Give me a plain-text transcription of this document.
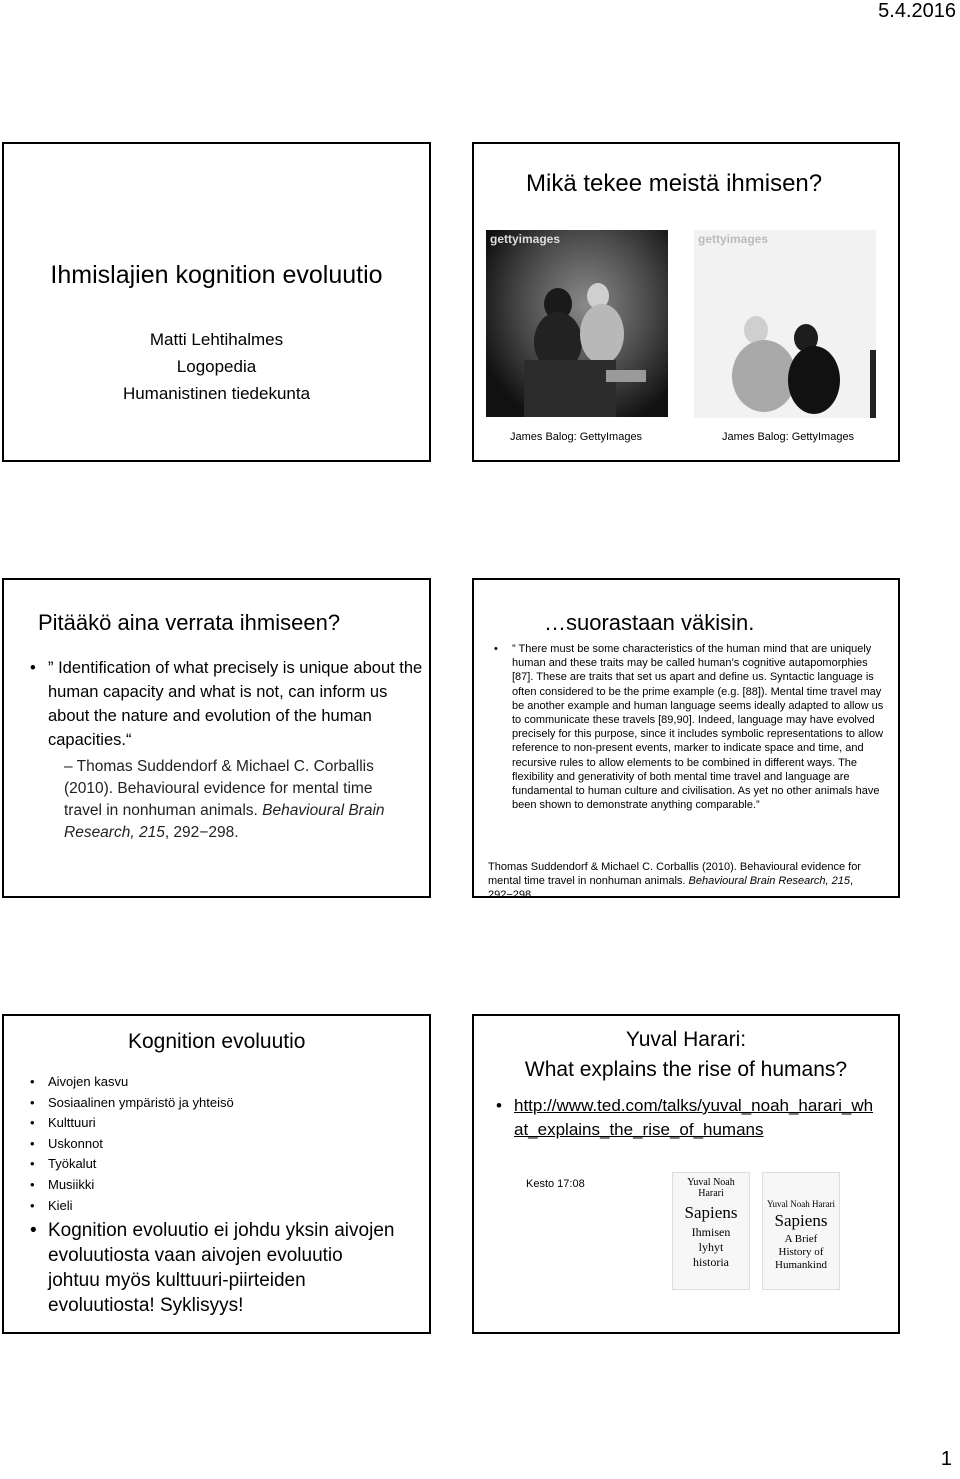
5.4.2016
1
Ihmislajien kognition evoluutio
Matti Lehtihalmes
Logopedia
Humanistinen tiedekunta
Mikä tekee meistä ihmisen?
gettyimages
James Balog: GettyImages
gettyimages
James Balog: GettyImages
Pitääkö aina verrata ihmiseen?
• ” Identification of what precisely is unique about the human capacity and what is not, can inform us about the nature and evolution of the human capacities.“
– Thomas Suddendorf & Michael C. Corballis (2010). Behavioural evidence for mental time travel in nonhuman animals. Behavioural Brain Research, 215, 292−298.
…suorastaan väkisin.
• ” There must be some characteristics of the human mind that are uniquely human and these traits may be called human’s cognitive autapomorphies [87]. These are traits that set us apart and define us. Syntactic language is often considered to be the prime example (e.g. [88]). Mental time travel may be another example and human language seems ideally adapted to allow us to communicate these travels [89,90]. Indeed, language may have evolved precisely for this purpose, since it includes symbolic representations to allow reference to non-present events, marker to indicate space and time, and recursive rules to allow elements to be combined in different ways. The flexibility and generativity of both mental time travel and language are fundamental to human culture and civilisation. As yet no other animals have been shown to demonstrate anything comparable.”
Thomas Suddendorf & Michael C. Corballis (2010). Behavioural evidence for mental time travel in nonhuman animals. Behavioural Brain Research, 215, 292−298
Kognition evoluutio
• Aivojen kasvu
• Sosiaalinen ympäristö ja yhteisö
• Kulttuuri
• Uskonnot
• Työkalut
• Musiikki
• Kieli
• Kognition evoluutio ei johdu yksin aivojen evoluutiosta vaan aivojen evoluutio johtuu myös kulttuuri-piirteiden evoluutiosta! Syklisyys!
Yuval Harari:
What explains the rise of humans?
• http://www.ted.com/talks/yuval_noah_harari_what_explains_the_rise_of_humans
Kesto 17:08	Yuval Noah Harari
Sapiens
Ihmisen lyhyt historia
Yuval Noah Harari
Sapiens
A Brief History of Humankind
